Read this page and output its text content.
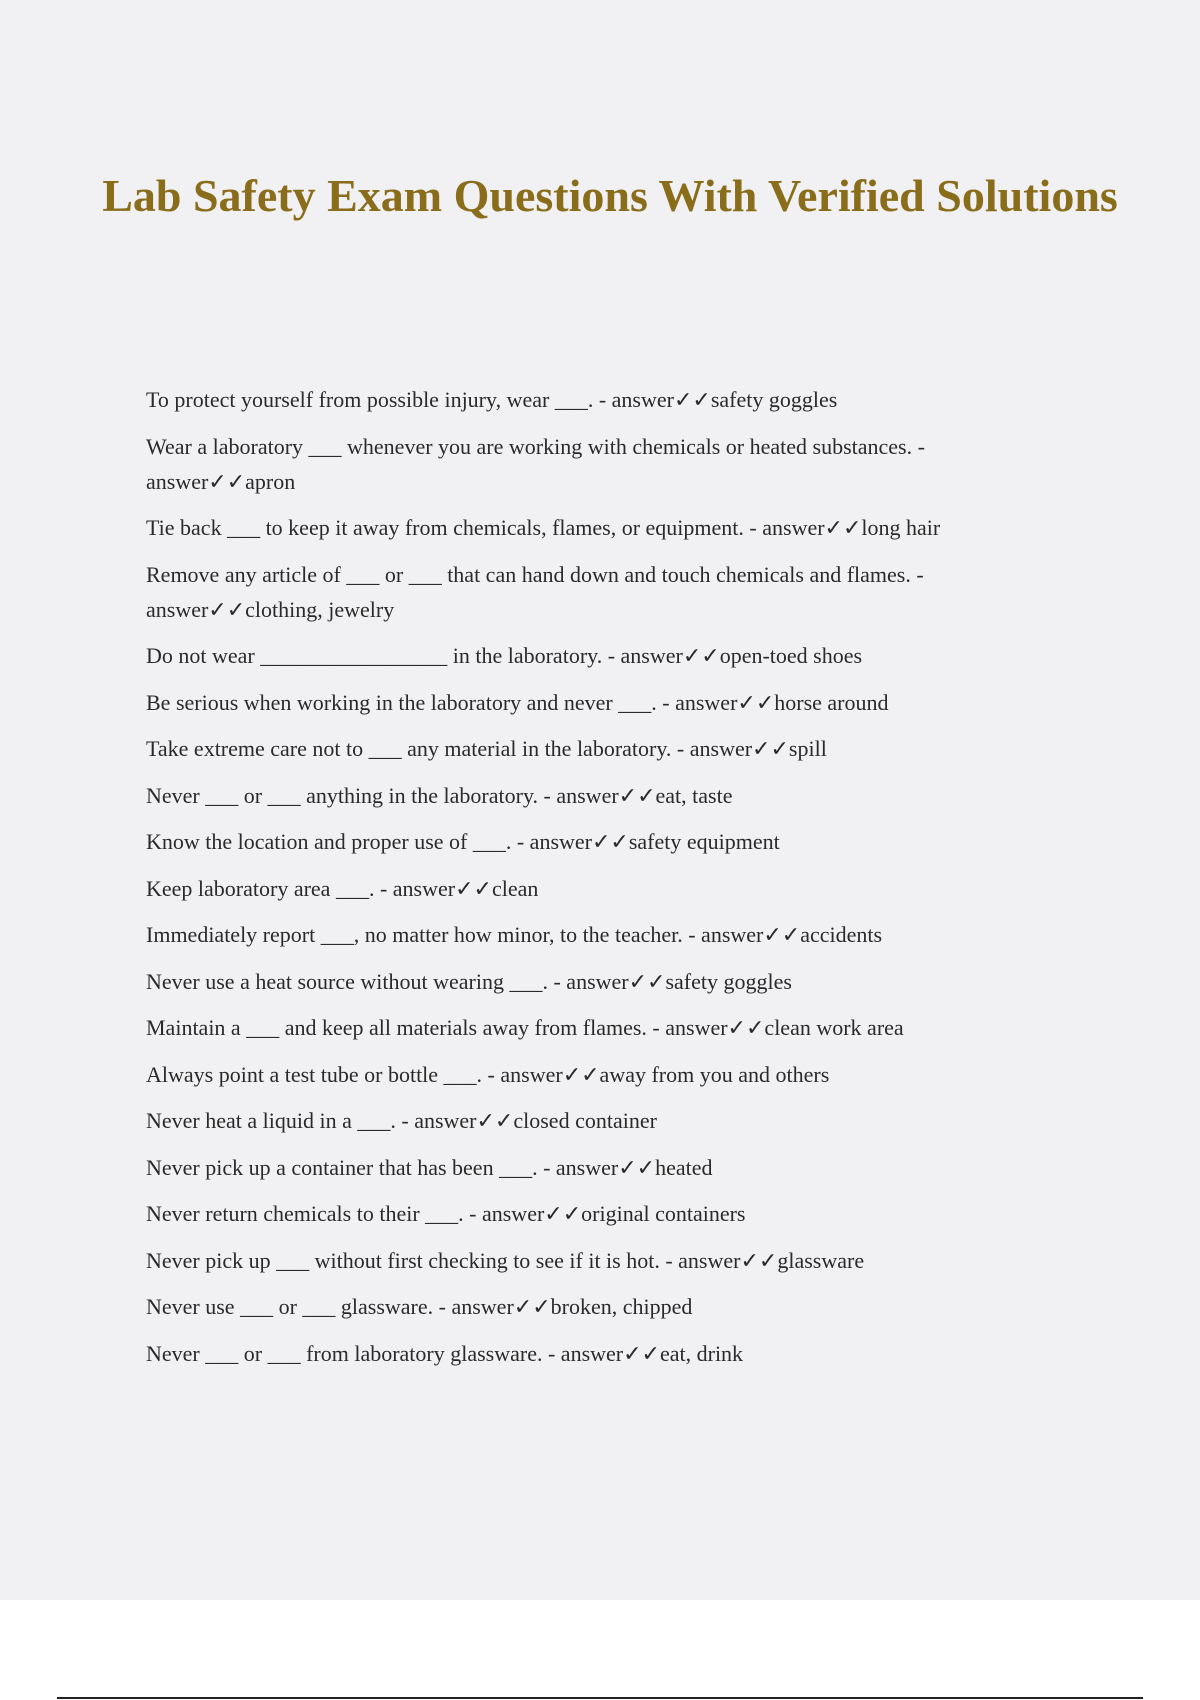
Lab Safety Exam Questions With Verified Solutions
To protect yourself from possible injury, wear ___. - answer✓✓safety goggles
Wear a laboratory ___ whenever you are working with chemicals or heated substances. - answer✓✓apron
Tie back ___ to keep it away from chemicals, flames, or equipment. - answer✓✓long hair
Remove any article of ___ or ___ that can hand down and touch chemicals and flames. - answer✓✓clothing, jewelry
Do not wear _________________ in the laboratory. - answer✓✓open-toed shoes
Be serious when working in the laboratory and never ___. - answer✓✓horse around
Take extreme care not to ___ any material in the laboratory. - answer✓✓spill
Never ___ or ___ anything in the laboratory. - answer✓✓eat, taste
Know the location and proper use of ___. - answer✓✓safety equipment
Keep laboratory area ___. - answer✓✓clean
Immediately report ___, no matter how minor, to the teacher. - answer✓✓accidents
Never use a heat source without wearing ___. - answer✓✓safety goggles
Maintain a ___ and keep all materials away from flames. - answer✓✓clean work area
Always point a test tube or bottle ___. - answer✓✓away from you and others
Never heat a liquid in a ___. - answer✓✓closed container
Never pick up a container that has been ___. - answer✓✓heated
Never return chemicals to their ___. - answer✓✓original containers
Never pick up ___ without first checking to see if it is hot. - answer✓✓glassware
Never use ___ or ___ glassware. - answer✓✓broken, chipped
Never ___ or ___ from laboratory glassware. - answer✓✓eat, drink
